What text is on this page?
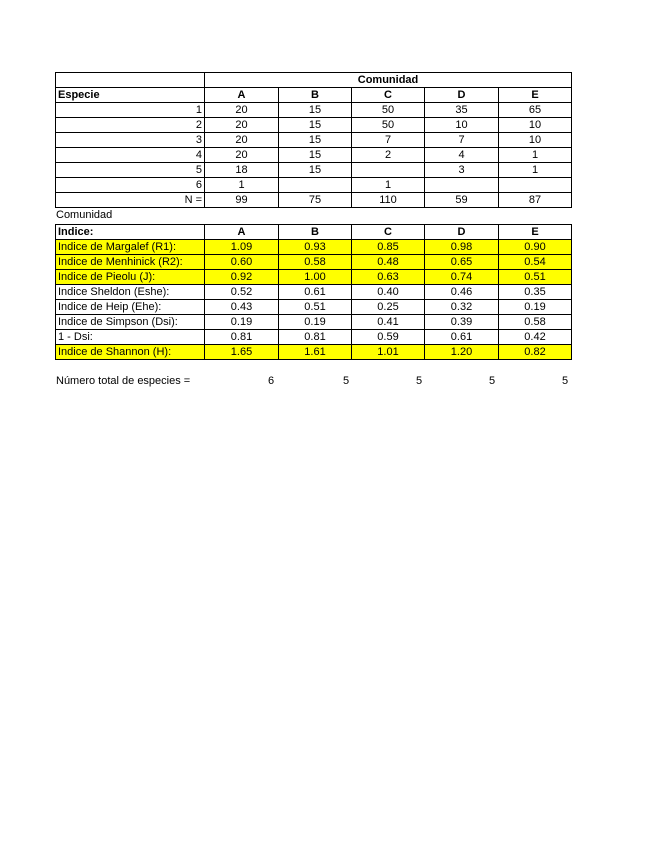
	Comunidad				
Especie	A	B	C	D	E
1	20	15	50	35	65
2	20	15	50	10	10
3	20	15	7	7	10
4	20	15	2	4	1
5	18	15		3	1
6	1		1		
N =	99	75	110	59	87
Comunidad
Indice:	A	B	C	D	E
Indice de Margalef (R1):	1.09	0.93	0.85	0.98	0.90
Indice de Menhinick (R2):	0.60	0.58	0.48	0.65	0.54
Indice de Pieolu (J):	0.92	1.00	0.63	0.74	0.51
Indice Sheldon (Eshe):	0.52	0.61	0.40	0.46	0.35
Indice de Heip (Ehe):	0.43	0.51	0.25	0.32	0.19
Indice de Simpson (Dsi):	0.19	0.19	0.41	0.39	0.58
1 - Dsi:	0.81	0.81	0.59	0.61	0.42
Indice de Shannon (H):	1.65	1.61	1.01	1.20	0.82
Número total de especies =	6	5	5	5	5
